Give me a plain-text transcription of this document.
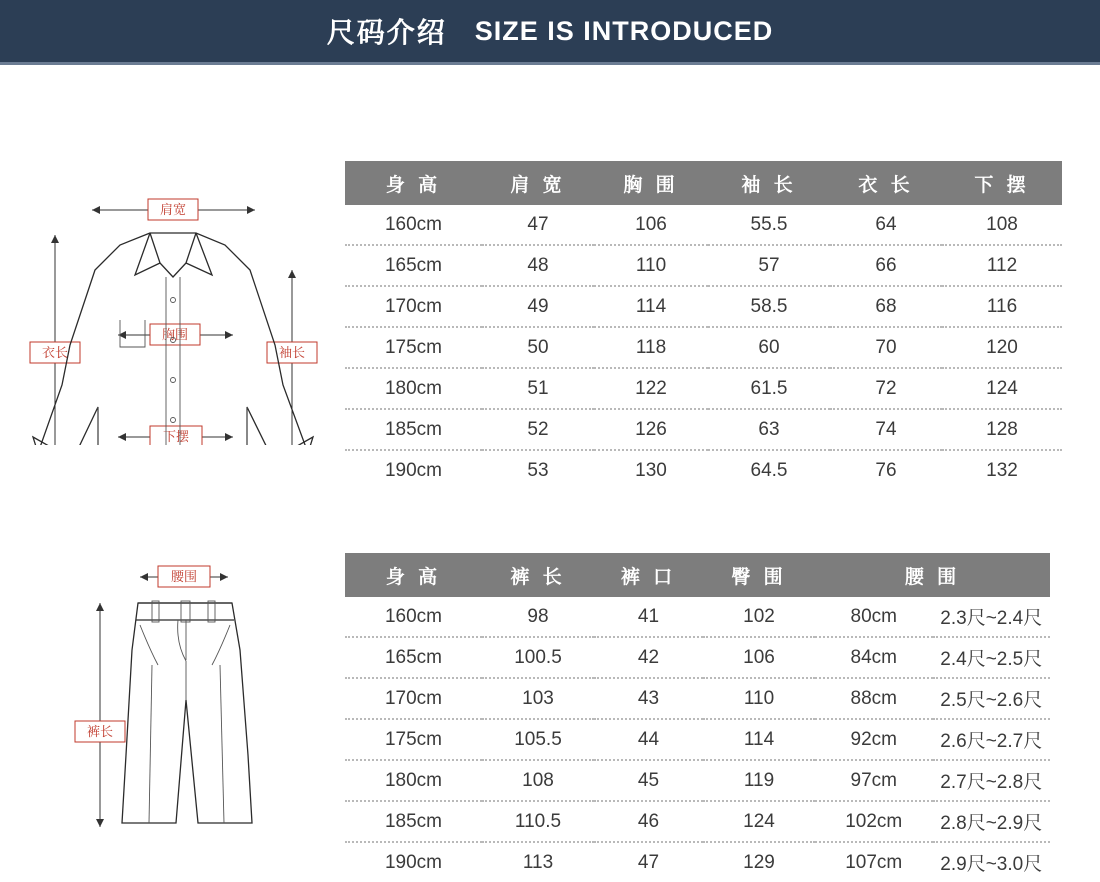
尺码介绍 SIZE IS INTRODUCED
肩宽
衣长	袖长
胸围
下摆
身 高	肩 宽	胸 围	袖 长	衣 长	下 摆
160cm	47	106	55.5	64	108
165cm	48	110	57	66	112
170cm	49	114	58.5	68	116
175cm	50	118	60	70	120
180cm	51	122	61.5	72	124
185cm	52	126	63	74	128
190cm	53	130	64.5	76	132
腰围
裤长
身 高	裤 长	裤 口	臀 围	腰 围	
160cm	98	41	102	80cm	2.3尺~2.4尺
165cm	100.5	42	106	84cm	2.4尺~2.5尺
170cm	103	43	110	88cm	2.5尺~2.6尺
175cm	105.5	44	114	92cm	2.6尺~2.7尺
180cm	108	45	119	97cm	2.7尺~2.8尺
185cm	110.5	46	124	102cm	2.8尺~2.9尺
190cm	113	47	129	107cm	2.9尺~3.0尺
